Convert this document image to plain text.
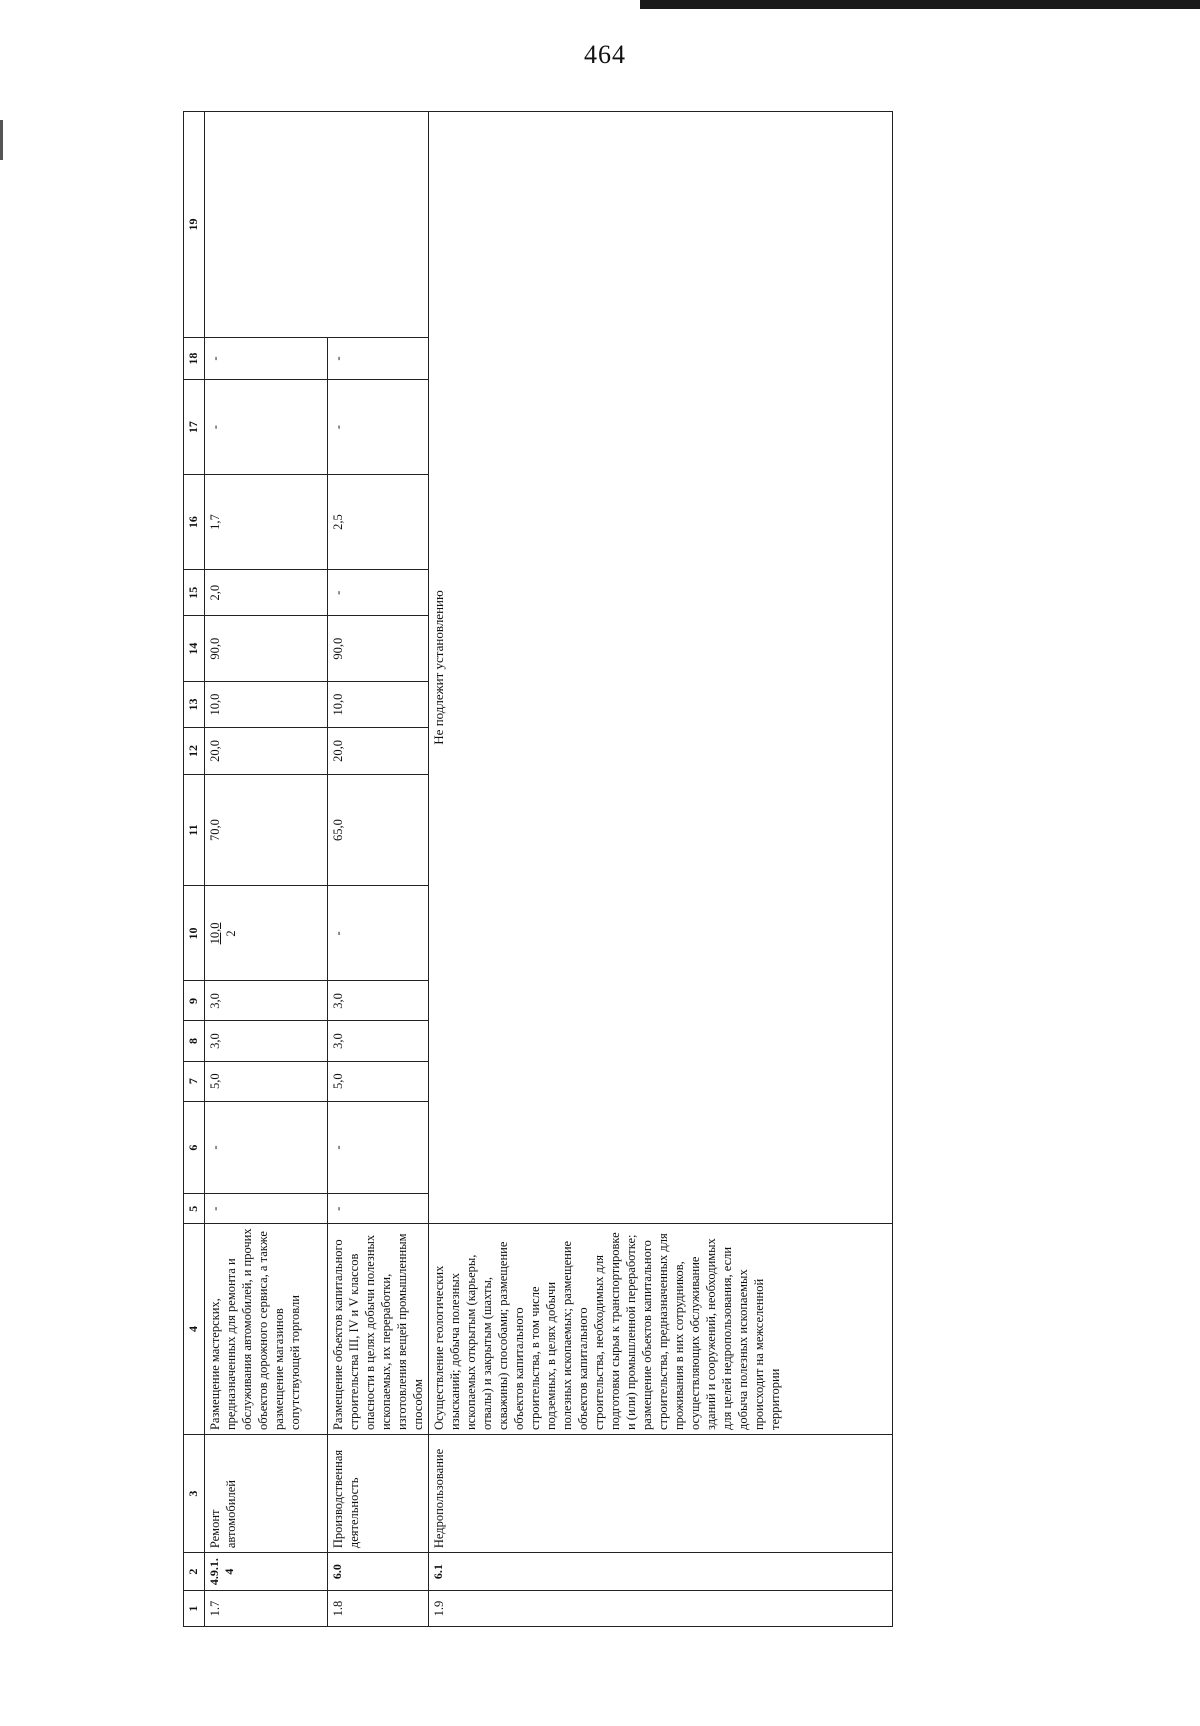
464
1	2	3	4	5	6	7	8	9	10	11	12	13	14	15	16	17	18	19
1.7	4.9.1.4	Ремонт автомобилей	Размещение мастерских, предназначенных для ремонта и обслуживания автомобилей, и прочих объектов дорожного сервиса, а также размещение магазинов сопутствующей торговли	-	-	5,0	3,0	3,0	10,0 2	70,0	20,0	10,0	90,0	2,0	1,7	-	-	
1.8	6.0	Производственная деятельность	Размещение объектов капитального строительства III, IV и V классов опасности в целях добычи полезных ископаемых, их переработки, изготовления вещей промышленным способом	-	-	5,0	3,0	3,0	-	65,0	20,0	10,0	90,0	-	2,5	-	-	
1.9	6.1	Недропользование	Осуществление геологических изысканий; добыча полезных ископаемых открытым (карьеры, отвалы) и закрытым (шахты, скважины) способами; размещение объектов капитального строительства, в том числе подземных, в целях добычи полезных ископаемых; размещение объектов капитального строительства, необходимых для подготовки сырья к транспортировке и (или) промышленной переработке; размещение объектов капитального строительства, предназначенных для проживания в них сотрудников, осуществляющих обслуживание зданий и сооружений, необходимых для целей недропользования, если добыча полезных ископаемых происходит на межселенной территории	Не подлежит установлению														
